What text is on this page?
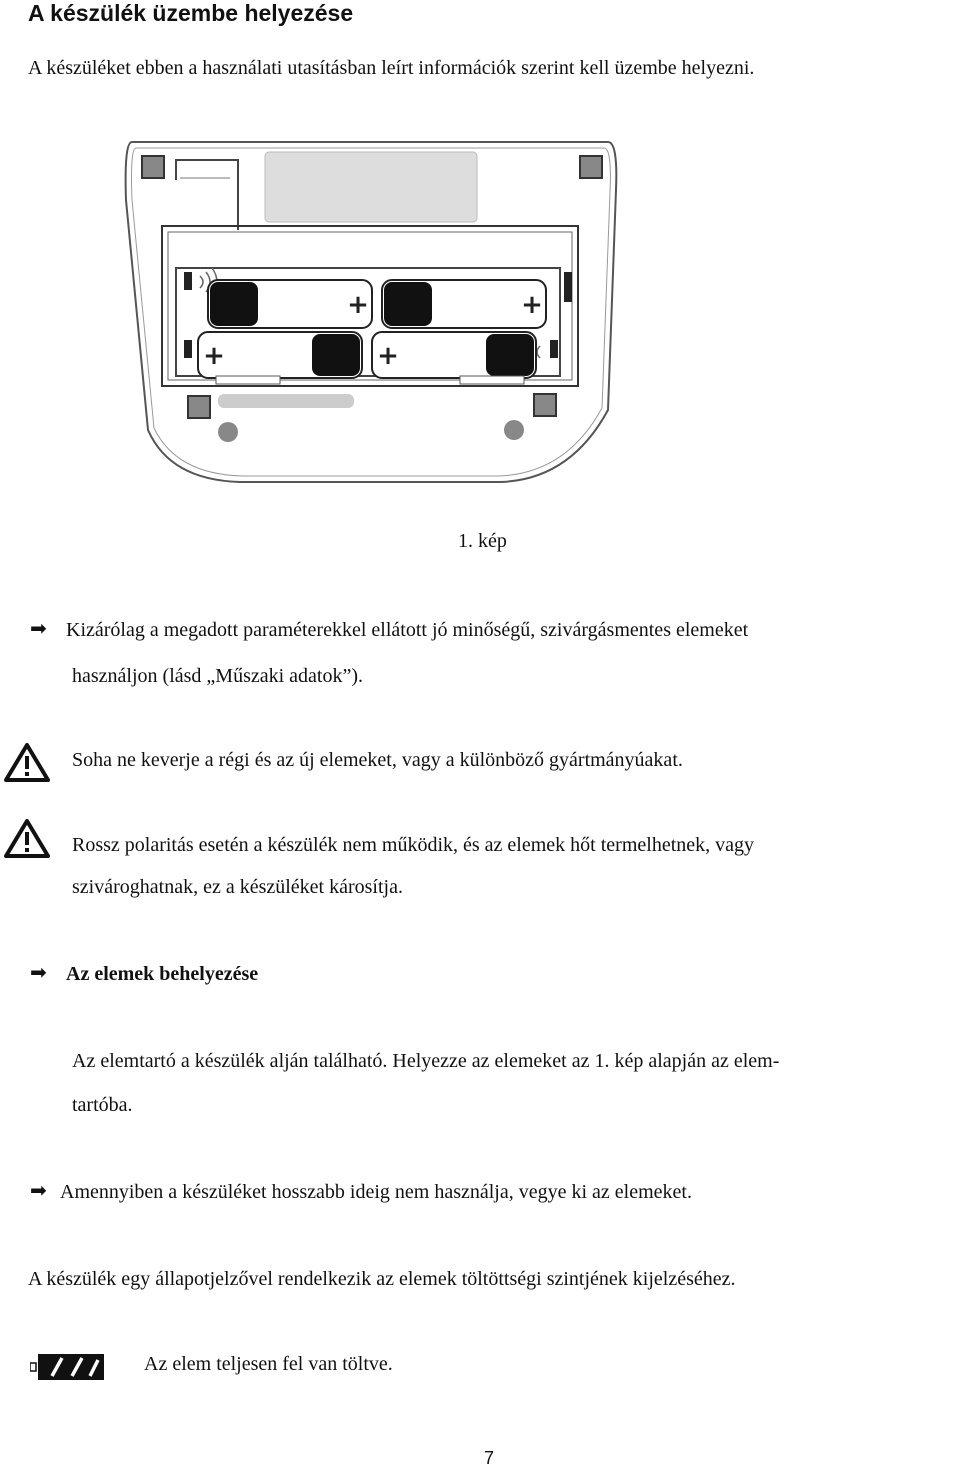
A készülék üzembe helyezése
A készüléket ebben a használati utasításban leírt információk szerint kell üzembe helyezni.
+	+
+	+
1. kép
➡ Kizárólag a megadott paraméterekkel ellátott jó minőségű, szivárgásmentes elemeket
használjon (lásd „Műszaki adatok”).
Soha ne keverje a régi és az új elemeket, vagy a különböző gyártmányúakat.
Rossz polaritás esetén a készülék nem működik, és az elemek hőt termelhetnek, vagy
szivároghatnak, ez a készüléket károsítja.
➡ Az elemek behelyezése
Az elemtartó a készülék alján található. Helyezze az elemeket az 1. kép alapján az elem-
tartóba.
➡ Amennyiben a készüléket hosszabb ideig nem használja, vegye ki az elemeket.
A készülék egy állapotjelzővel rendelkezik az elemek töltöttségi szintjének kijelzéséhez.
Az elem teljesen fel van töltve.
7
